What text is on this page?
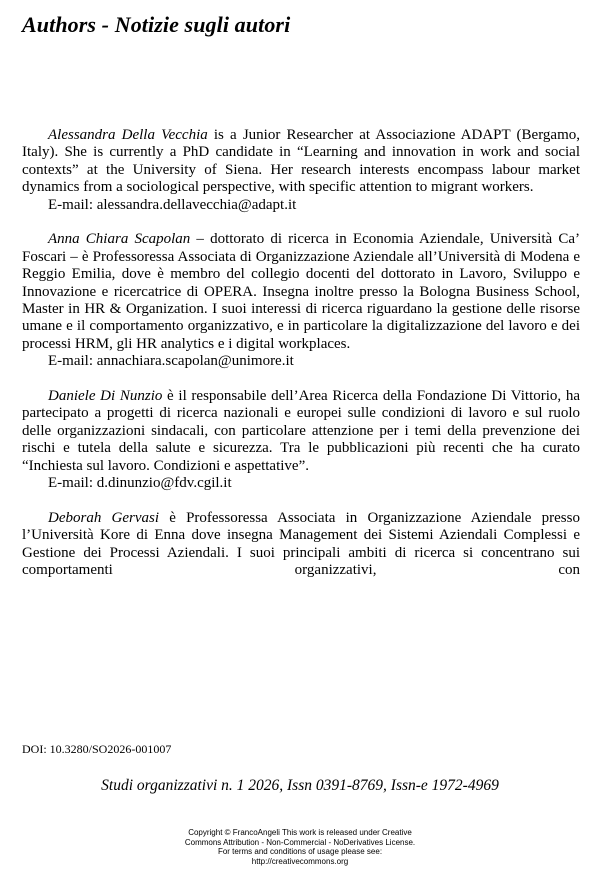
Authors - Notizie sugli autori

Alessandra Della Vecchia is a Junior Researcher at Associazione ADAPT (Bergamo, Italy). She is currently a PhD candidate in “Learning and innovation in work and social contexts” at the University of Siena. Her research interests encompass labour market dynamics from a sociological perspective, with specific attention to migrant workers.

E-mail: alessandra.dellavecchia@adapt.it

Anna Chiara Scapolan – dottorato di ricerca in Economia Aziendale, Università Ca’ Foscari – è Professoressa Associata di Organizzazione Aziendale all’Università di Modena e Reggio Emilia, dove è membro del collegio docenti del dottorato in Lavoro, Sviluppo e Innovazione e ricercatrice di OPERA. Insegna inoltre presso la Bologna Business School, Master in HR & Organization. I suoi interessi di ricerca riguardano la gestione delle risorse umane e il comportamento organizzativo, e in particolare la digitalizzazione del lavoro e dei processi HRM, gli HR analytics e i digital workplaces.

E-mail: annachiara.scapolan@unimore.it

Daniele Di Nunzio è il responsabile dell’Area Ricerca della Fondazione Di Vittorio, ha partecipato a progetti di ricerca nazionali e europei sulle condizioni di lavoro e sul ruolo delle organizzazioni sindacali, con particolare attenzione per i temi della prevenzione dei rischi e tutela della salute e sicurezza. Tra le pubblicazioni più recenti che ha curato “Inchiesta sul lavoro. Condizioni e aspettative”.

E-mail: d.dinunzio@fdv.cgil.it

Deborah Gervasi è Professoressa Associata in Organizzazione Aziendale presso l’Università Kore di Enna dove insegna Management dei Sistemi Aziendali Complessi e Gestione dei Processi Aziendali. I suoi principali ambiti di ricerca si concentrano sui comportamenti organizzativi, con

DOI: 10.3280/SO2026-001007
Studi organizzativi n. 1 2026, Issn 0391-8769, Issn-e 1972-4969
Copyright © FrancoAngeli This work is released under Creative
Commons Attribution - Non-Commercial - NoDerivatives License.
For terms and conditions of usage please see:
http://creativecommons.org
